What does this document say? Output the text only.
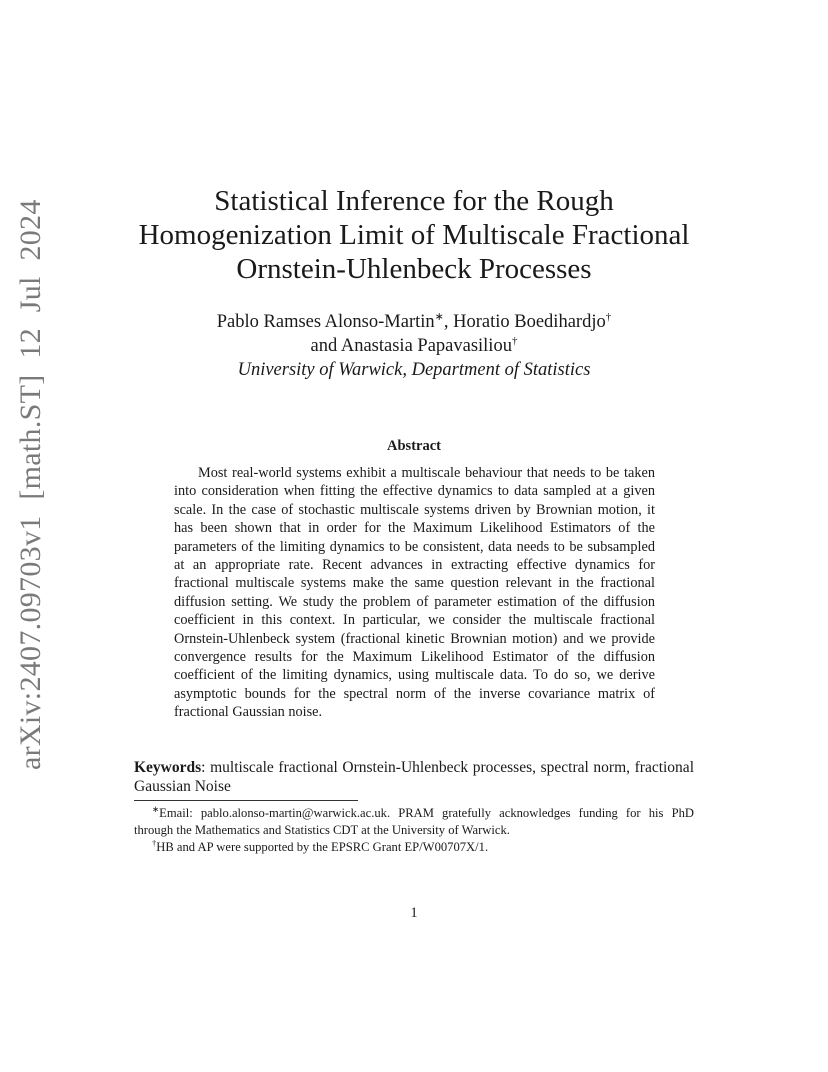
arXiv:2407.09703v1 [math.ST] 12 Jul 2024	Statistical Inference for the Rough Homogenization Limit of Multiscale Fractional Ornstein-Uhlenbeck Processes
Pablo Ramses Alonso-Martin∗, Horatio Boedihardjo†
and Anastasia Papavasiliou†
University of Warwick, Department of Statistics
Abstract

Most real-world systems exhibit a multiscale behaviour that needs to be taken into consideration when fitting the effective dynamics to data sampled at a given scale. In the case of stochastic multiscale systems driven by Brownian motion, it has been shown that in order for the Maximum Likelihood Estimators of the parameters of the limiting dynamics to be consistent, data needs to be subsampled at an appropriate rate. Recent advances in extracting effective dynamics for fractional multiscale systems make the same question relevant in the fractional diffusion setting. We study the problem of parameter estimation of the diffusion coefficient in this context. In particular, we consider the multiscale fractional Ornstein-Uhlenbeck system (fractional kinetic Brownian motion) and we provide convergence results for the Maximum Likelihood Estimator of the diffusion coefficient of the limiting dynamics, using multiscale data. To do so, we derive asymptotic bounds for the spectral norm of the inverse covariance matrix of fractional Gaussian noise.

Keywords: multiscale fractional Ornstein-Uhlenbeck processes, spectral norm, fractional Gaussian Noise

∗Email: pablo.alonso-martin@warwick.ac.uk. PRAM gratefully acknowledges funding for his PhD through the Mathematics and Statistics CDT at the University of Warwick.

†HB and AP were supported by the EPSRC Grant EP/W00707X/1.

1
